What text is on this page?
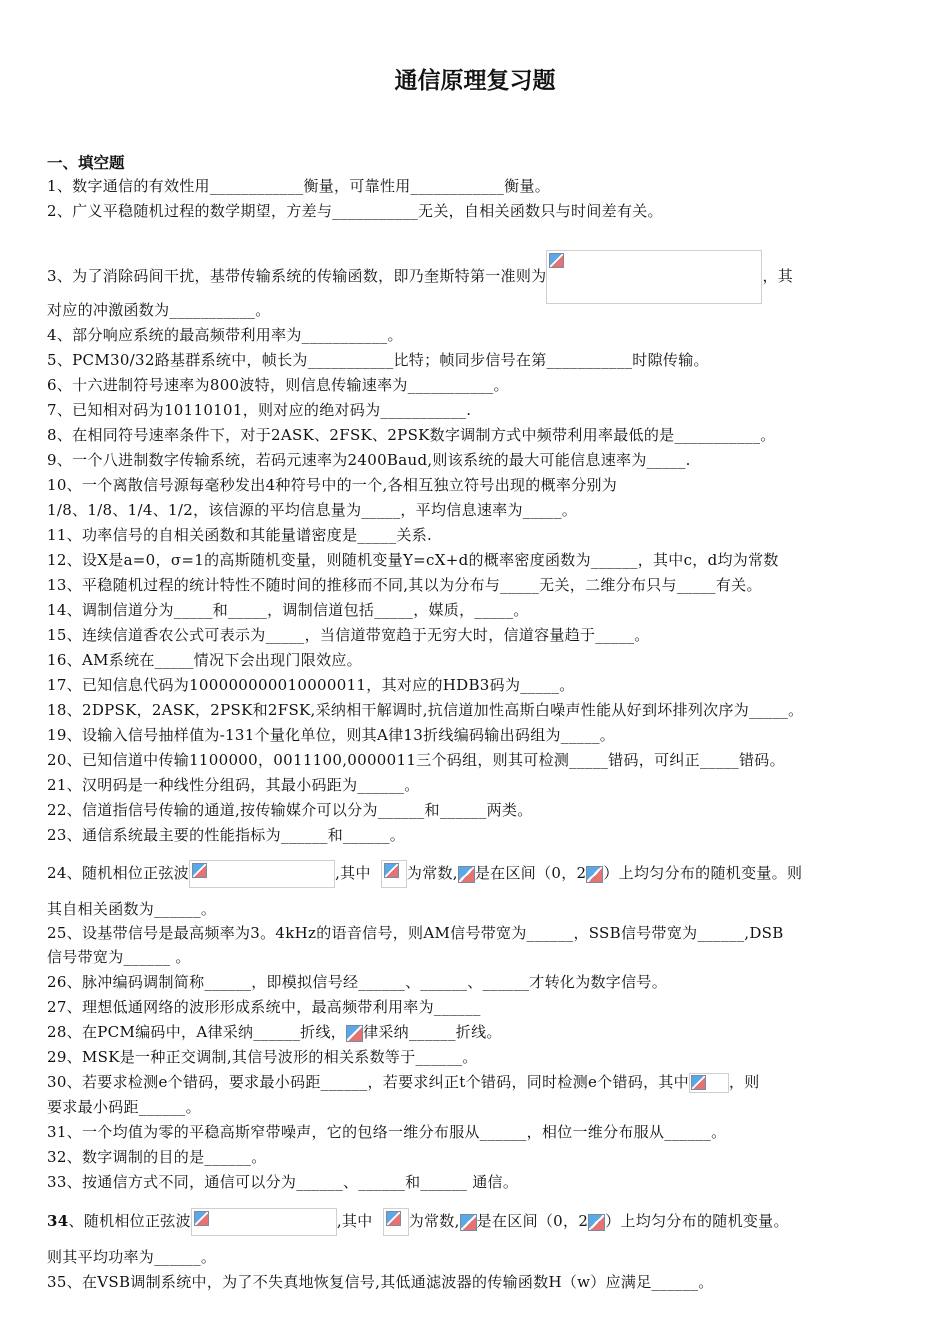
通信原理复习题
一、填空题
1、数字通信的有效性用____________衡量，可靠性用____________衡量。
2、广义平稳随机过程的数学期望，方差与___________无关，自相关函数只与时间差有关。
3、为了消除码间干扰，基带传输系统的传输函数，即乃奎斯特第一准则为	，其
对应的冲激函数为___________。
4、部分响应系统的最高频带利用率为___________。
5、PCM30/32路基群系统中，帧长为___________比特；帧同步信号在第___________时隙传输。
6、十六进制符号速率为800波特，则信息传输速率为___________。
7、已知相对码为10110101，则对应的绝对码为___________.
8、在相同符号速率条件下，对于2ASK、2FSK、2PSK数字调制方式中频带利用率最低的是___________。
9、一个八进制数字传输系统，若码元速率为2400Baud,则该系统的最大可能信息速率为_____.
10、一个离散信号源每毫秒发出4种符号中的一个,各相互独立符号出现的概率分别为
1/8、1/8、1/4、1/2，该信源的平均信息量为_____，平均信息速率为_____。
11、功率信号的自相关函数和其能量谱密度是_____关系.
12、设X是a=0，σ=1的高斯随机变量，则随机变量Y=cX+d的概率密度函数为______，其中c，d均为常数
13、平稳随机过程的统计特性不随时间的推移而不同,其以为分布与_____无关，二维分布只与_____有关。
14、调制信道分为_____和_____，调制信道包括_____，媒质，_____。
15、连续信道香农公式可表示为_____，当信道带宽趋于无穷大时，信道容量趋于_____。
16、AM系统在_____情况下会出现门限效应。
17、已知信息代码为100000000010000011，其对应的HDB3码为_____。
18、2DPSK，2ASK，2PSK和2FSK,采纳相干解调时,抗信道加性高斯白噪声性能从好到坏排列次序为_____。
19、设输入信号抽样值为-131个量化单位，则其A律13折线编码输出码组为_____。
20、已知信道中传输1100000，0011100,0000011三个码组，则其可检测_____错码，可纠正_____错码。
21、汉明码是一种线性分组码，其最小码距为______。
22、信道指信号传输的通道,按传输媒介可以分为______和______两类。
23、通信系统最主要的性能指标为______和______。
24、随机相位正弦波	,其中 为常数, 是在区间（0，2 ）上均匀分布的随机变量。则
其自相关函数为______。
25、设基带信号是最高频率为3。4kHz的语音信号，则AM信号带宽为______，SSB信号带宽为______,DSB
信号带宽为______ 。
26、脉冲编码调制简称______，即模拟信号经______、______、______才转化为数字信号。
27、理想低通网络的波形形成系统中，最高频带利用率为______
28、在PCM编码中，A律采纳______折线， 律采纳______折线。
29、MSK是一种正交调制,其信号波形的相关系数等于______。
30、若要求检测e个错码，要求最小码距______，若要求纠正t个错码，同时检测e个错码，其中	，则
要求最小码距______。
31、一个均值为零的平稳高斯窄带噪声，它的包络一维分布服从______，相位一维分布服从______。
32、数字调制的目的是______。
33、按通信方式不同，通信可以分为______、______和______ 通信。
34、随机相位正弦波	,其中 为常数, 是在区间（0，2 ）上均匀分布的随机变量。
则其平均功率为______。
35、在VSB调制系统中，为了不失真地恢复信号,其低通滤波器的传输函数H（w）应满足______。
